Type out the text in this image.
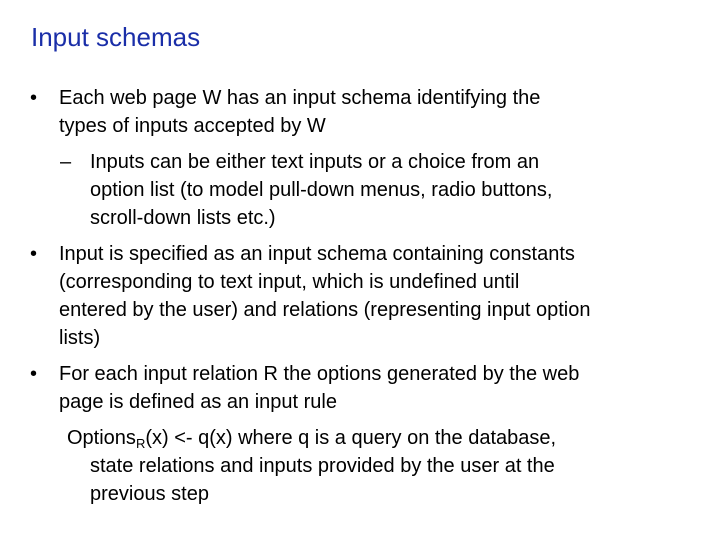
Input schemas
• Each web page W has an input schema identifying the
types of inputs accepted by W
– Inputs can be either text inputs or a choice from an
option list (to model pull-down menus, radio buttons,
scroll-down lists etc.)
• Input is specified as an input schema containing constants
(corresponding to text input, which is undefined until
entered by the user) and relations (representing input option
lists)
• For each input relation R the options generated by the web
page is defined as an input rule
Options$_R$(x) <- q(x) where q is a query on the database,
state relations and inputs provided by the user at the
previous step
